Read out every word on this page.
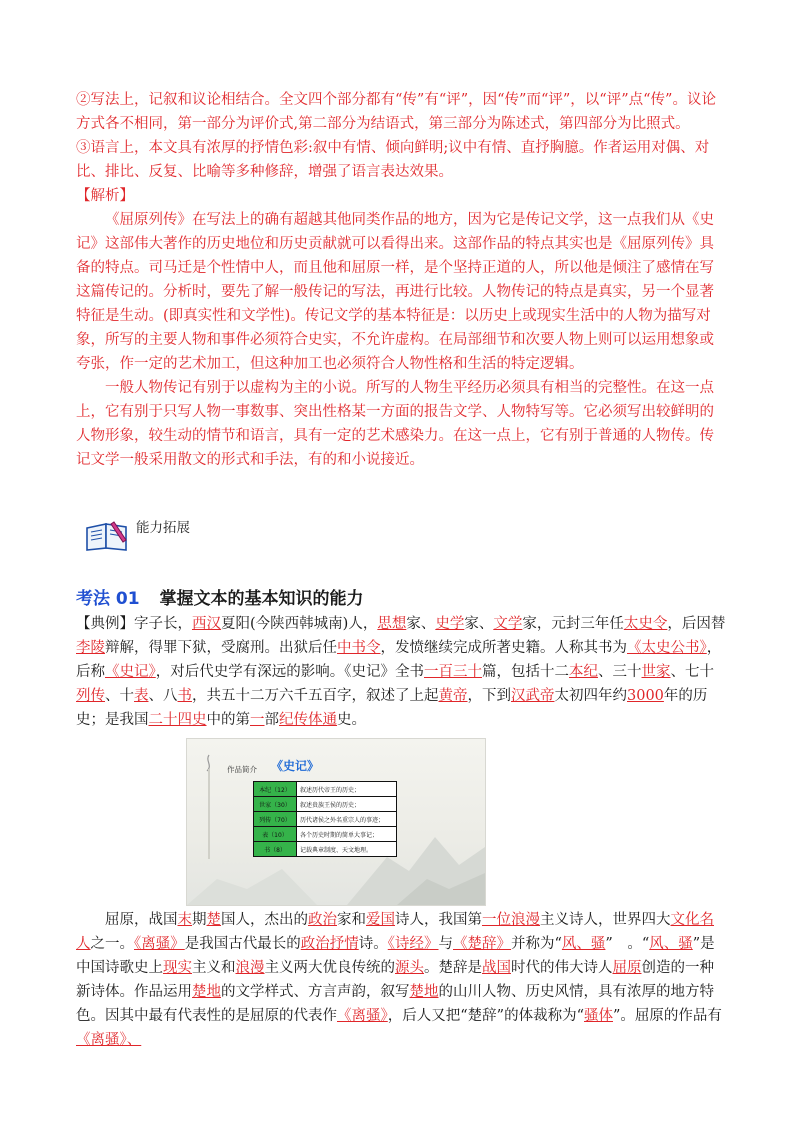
②写法上，记叙和议论相结合。全文四个部分都有“传”有“评”，因“传”而“评”，以“评”点“传”。议论方式各不相同，第一部分为评价式,第二部分为结语式，第三部分为陈述式，第四部分为比照式。

③语言上，本文具有浓厚的抒情色彩:叙中有情、倾向鲜明;议中有情、直抒胸臆。作者运用对偶、对比、排比、反复、比喻等多种修辞，增强了语言表达效果。

【解析】

《屈原列传》在写法上的确有超越其他同类作品的地方，因为它是传记文学，这一点我们从《史记》这部伟大著作的历史地位和历史贡献就可以看得出来。这部作品的特点其实也是《屈原列传》具备的特点。司马迁是个性情中人，而且他和屈原一样，是个坚持正道的人，所以他是倾注了感情在写这篇传记的。分析时，要先了解一般传记的写法，再进行比较。人物传记的特点是真实，另一个显著特征是生动。(即真实性和文学性)。传记文学的基本特征是：以历史上或现实生活中的人物为描写对象，所写的主要人物和事件必须符合史实，不允许虚构。在局部细节和次要人物上则可以运用想象或夸张，作一定的艺术加工，但这种加工也必须符合人物性格和生活的特定逻辑。

一般人物传记有别于以虚构为主的小说。所写的人物生平经历必须具有相当的完整性。在这一点上，它有别于只写人物一事数事、突出性格某一方面的报告文学、人物特写等。它必须写出较鲜明的人物形象，较生动的情节和语言，具有一定的艺术感染力。在这一点上，它有别于普通的人物传。传记文学一般采用散文的形式和手法，有的和小说接近。

能力拓展
考法 01 掌握文本的基本知识的能力

【典例】字子长，西汉夏阳(今陕西韩城南)人，思想家、史学家、文学家，元封三年任太史令，后因替李陵辩解，得罪下狱，受腐刑。出狱后任中书令，发愤继续完成所著史籍。人称其书为《太史公书》，后称《史记》，对后代史学有深远的影响。《史记》全书一百三十篇，包括十二本纪、三十世家、七十列传、十表、八书，共五十二万六千五百字，叙述了上起黄帝，下到汉武帝太初四年约3000年的历史；是我国二十四史中的第一部纪传体通史。

作品简介 《史记》
本纪（12）	叙述历代帝王的历史；
世家（30）	叙述贵族王侯的历史；
列传（70）	历代诸侯之外名重宗人的事迹；
表（10）	各个历史时期的简单大事记；
书（8）	记载典章制度、天文地理。

屈原，战国末期楚国人，杰出的政治家和爱国诗人，我国第一位浪漫主义诗人，世界四大文化名人之一。《离骚》是我国古代最长的政治抒情诗。《诗经》与《楚辞》并称为“风、骚”　。“风、骚”是中国诗歌史上现实主义和浪漫主义两大优良传统的源头。楚辞是战国时代的伟大诗人屈原创造的一种新诗体。作品运用楚地的文学样式、方言声韵，叙写楚地的山川人物、历史风情，具有浓厚的地方特色。因其中最有代表性的是屈原的代表作《离骚》，后人又把“楚辞”的体裁称为“骚体”。屈原的作品有《离骚》、
